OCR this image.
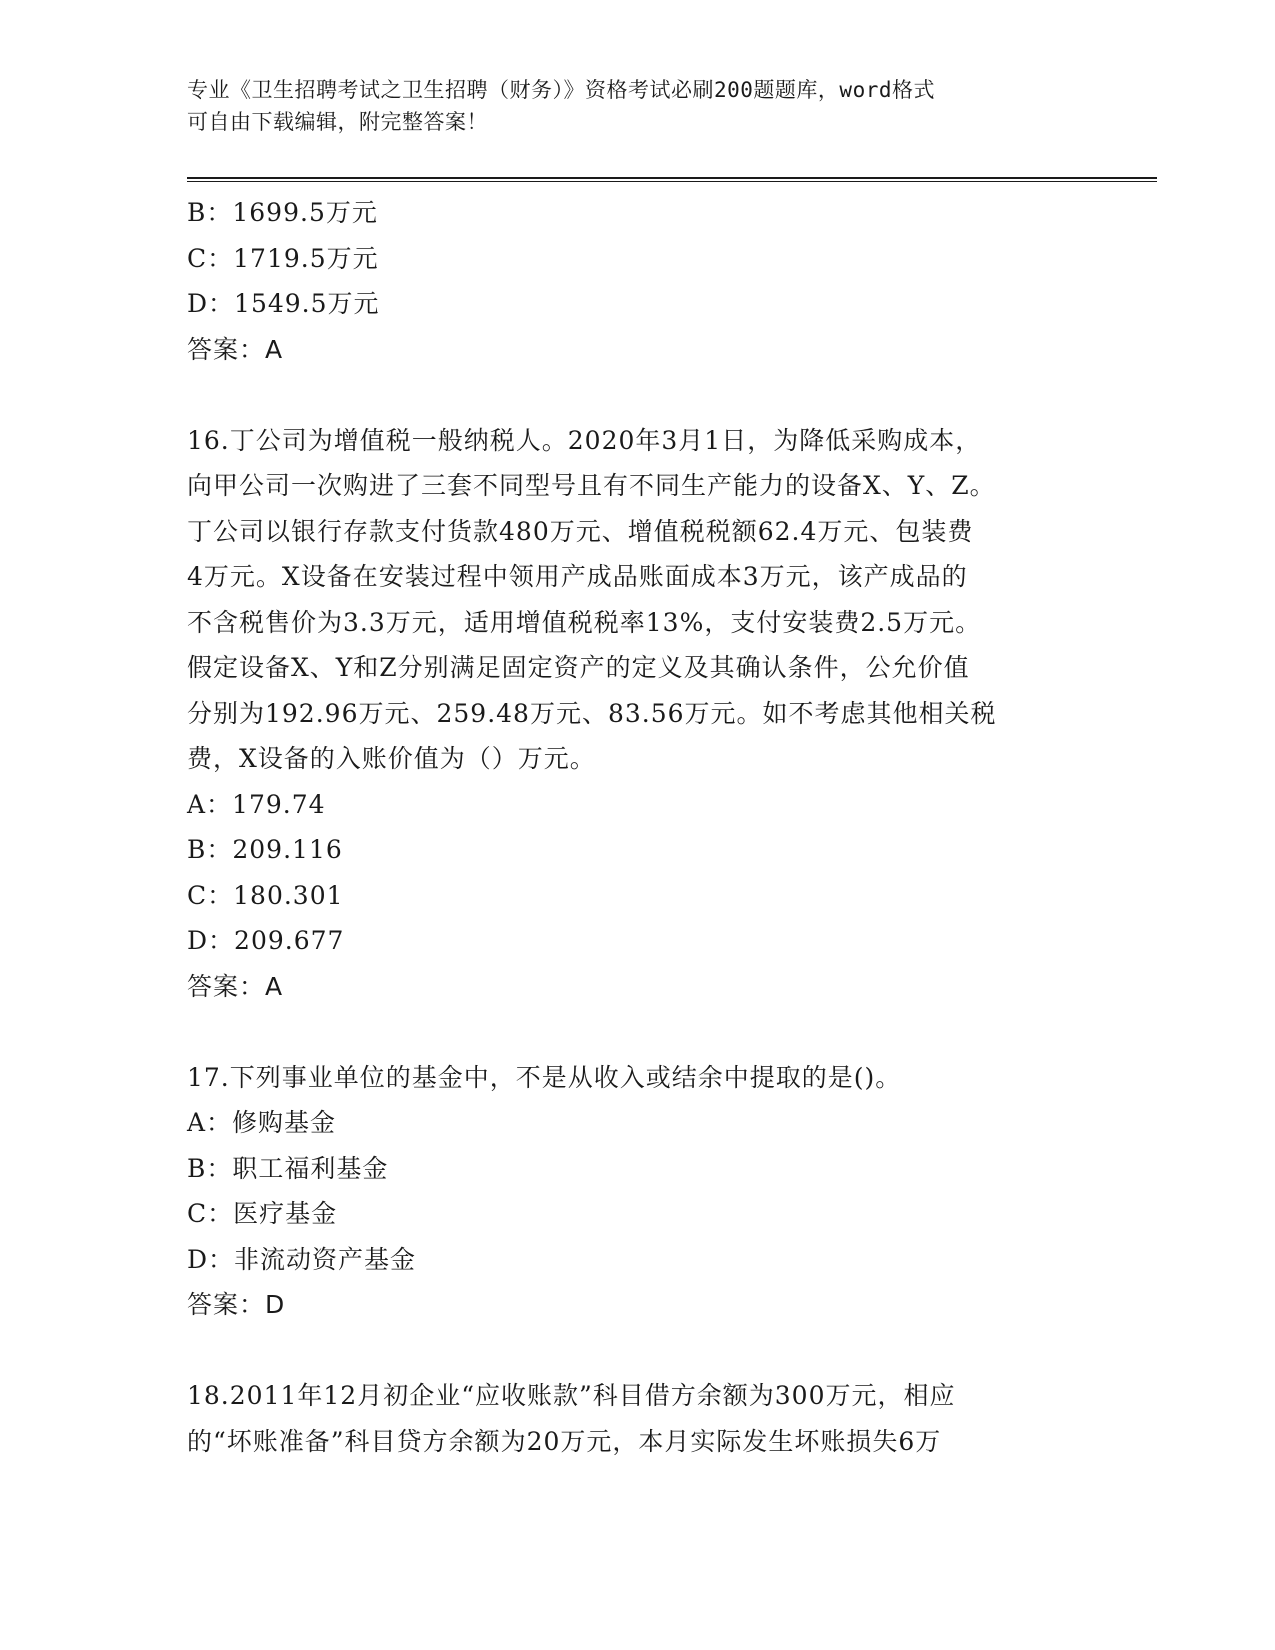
专业《卫生招聘考试之卫生招聘（财务）》资格考试必刷200题题库，word格式
可自由下载编辑，附完整答案！
B：1699.5万元
C：1719.5万元
D：1549.5万元
答案：A
16.丁公司为增值税一般纳税人。2020年3月1日，为降低采购成本，
向甲公司一次购进了三套不同型号且有不同生产能力的设备X、Y、Z。
丁公司以银行存款支付货款480万元、增值税税额62.4万元、包装费
4万元。X设备在安装过程中领用产成品账面成本3万元，该产成品的
不含税售价为3.3万元，适用增值税税率13%，支付安装费2.5万元。
假定设备X、Y和Z分别满足固定资产的定义及其确认条件，公允价值
分别为192.96万元、259.48万元、83.56万元。如不考虑其他相关税
费，X设备的入账价值为（）万元。
A：179.74
B：209.116
C：180.301
D：209.677
答案：A
17.下列事业单位的基金中，不是从收入或结余中提取的是()。
A：修购基金
B：职工福利基金
C：医疗基金
D：非流动资产基金
答案：D
18.2011年12月初企业“应收账款”科目借方余额为300万元，相应
的“坏账准备”科目贷方余额为20万元，本月实际发生坏账损失6万
